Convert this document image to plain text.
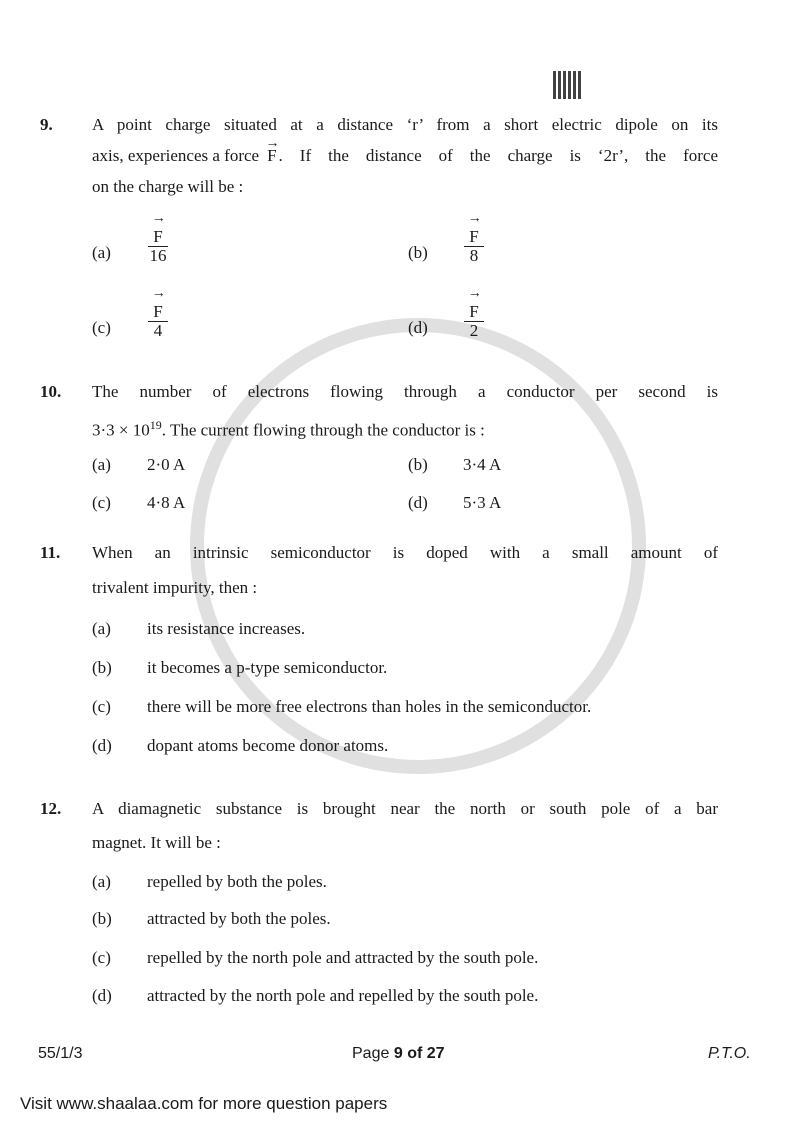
9. A point charge situated at a distance ‘r’ from a short electric dipole on its
axis, experiences a force → F . If the distance of the charge is ‘2r’, the force
on the charge will be :
(a)
→ F
16	(b)
→ F
8
(c)
→ F
4	(d)
→ F
2
10. The number of electrons flowing through a conductor per second is
$3\cdot 3 \times 10^{19}$. The current flowing through the conductor is :
(a) 2·0 A	(b) 3·4 A
(c) 4·8 A	(d) 5·3 A
11. When an intrinsic semiconductor is doped with a small amount of
trivalent impurity, then :
(a) its resistance increases.
(b) it becomes a p-type semiconductor.
(c) there will be more free electrons than holes in the semiconductor.
(d) dopant atoms become donor atoms.
12. A diamagnetic substance is brought near the north or south pole of a bar
magnet. It will be :
(a) repelled by both the poles.
(b) attracted by both the poles.
(c) repelled by the north pole and attracted by the south pole.
(d) attracted by the north pole and repelled by the south pole.
55/1/3	Page 9 of 27	P.T.O.
Visit www.shaalaa.com for more question papers
